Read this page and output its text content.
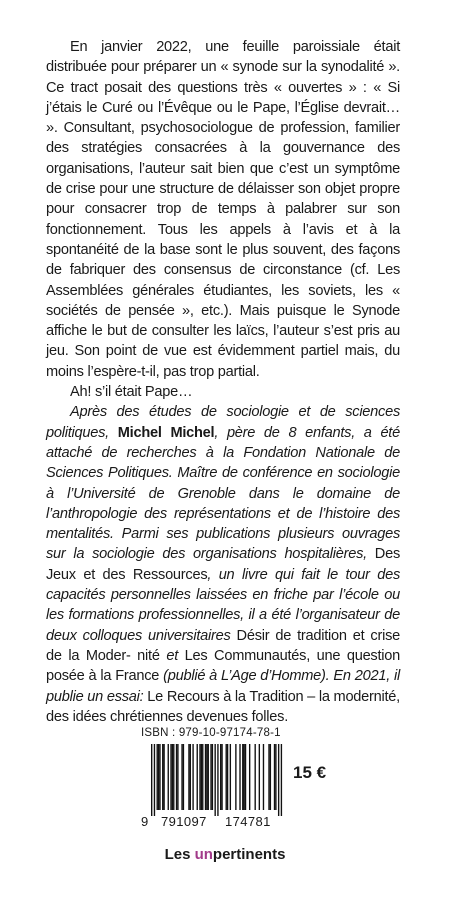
En janvier 2022, une feuille paroissiale était distribuée pour préparer un « synode sur la synodalité ». Ce tract posait des questions très « ouvertes » : « Si j’étais le Curé ou l’Évêque ou le Pape, l’Église devrait… ». Consultant, psychosociologue de profession, familier des stratégies consacrées à la gouvernance des organisations, l’auteur sait bien que c’est un symptôme de crise pour une structure de délaisser son objet propre pour consacrer trop de temps à palabrer sur son fonctionnement. Tous les appels à l’avis et à la spontanéité de la base sont le plus souvent, des façons de fabriquer des consensus de circonstance (cf. Les Assemblées générales étudiantes, les soviets, les « sociétés de pensée », etc.). Mais puisque le Synode affiche le but de consulter les laïcs, l’auteur s’est pris au jeu. Son point de vue est évidemment partiel mais, du moins l’espère-t-il, pas trop partial.

Ah! s’il était Pape…

Après des études de sociologie et de sciences politiques, Michel Michel, père de 8 enfants, a été attaché de recherches à la Fondation Nationale de Sciences Politiques. Maître de conférence en sociologie à l’Université de Grenoble dans le domaine de l’anthropologie des représentations et de l’histoire des mentalités. Parmi ses publications plusieurs ouvrages sur la sociologie des organisations hospitalières, Des Jeux et des Ressources, un livre qui fait le tour des capacités personnelles laissées en friche par l’école ou les formations professionnelles, il a été l’organisateur de deux colloques universitaires Désir de tradition et crise de la Moder- nité et Les Communautés, une question posée à la France (publié à L’Age d’Homme). En 2021, il publie un essai: Le Recours à la Tradition – la modernité, des idées chrétiennes devenues folles.

ISBN : 979-10-97174-78-1
9 791097 174781
15 €
Les unpertinents
